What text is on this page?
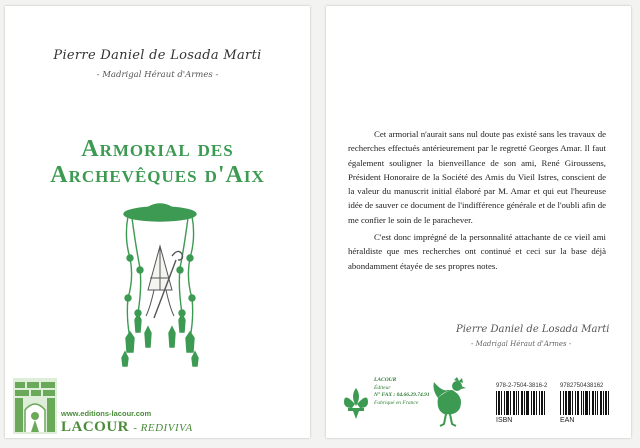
Pierre Daniel de Losada Marti
- Madrigal Héraut d'Armes -
Armorial des
Archevêques d'Aix
www.editions-lacour.com
LACOUR - REDIVIVA

Cet armorial n'aurait sans nul doute pas existé sans les travaux de recherches effectués antérieurement par le regretté Georges Amar. Il faut également souligner la bienveillance de son ami, René Giroussens, Président Honoraire de la Société des Amis du Vieil Istres, conscient de la valeur du manuscrit initial élaboré par M. Amar et qui eut l'heureuse idée de sauver ce document de l'indifférence générale et de l'oubli afin de me confier le soin de le parachever.

C'est donc imprégné de la personnalité attachante de ce vieil ami héraldiste que mes recherches ont continué et ceci sur la base déjà abondamment étayée de ses propres notes.

Pierre Daniel de Losada Marti
- Madrigal Héraut d'Armes -
LACOUR
Éditeur
N° FAX : 04.66.29.74.91
Fabriqué en France
978-2-7504-3816-2
ISBN
9782750438162
EAN
